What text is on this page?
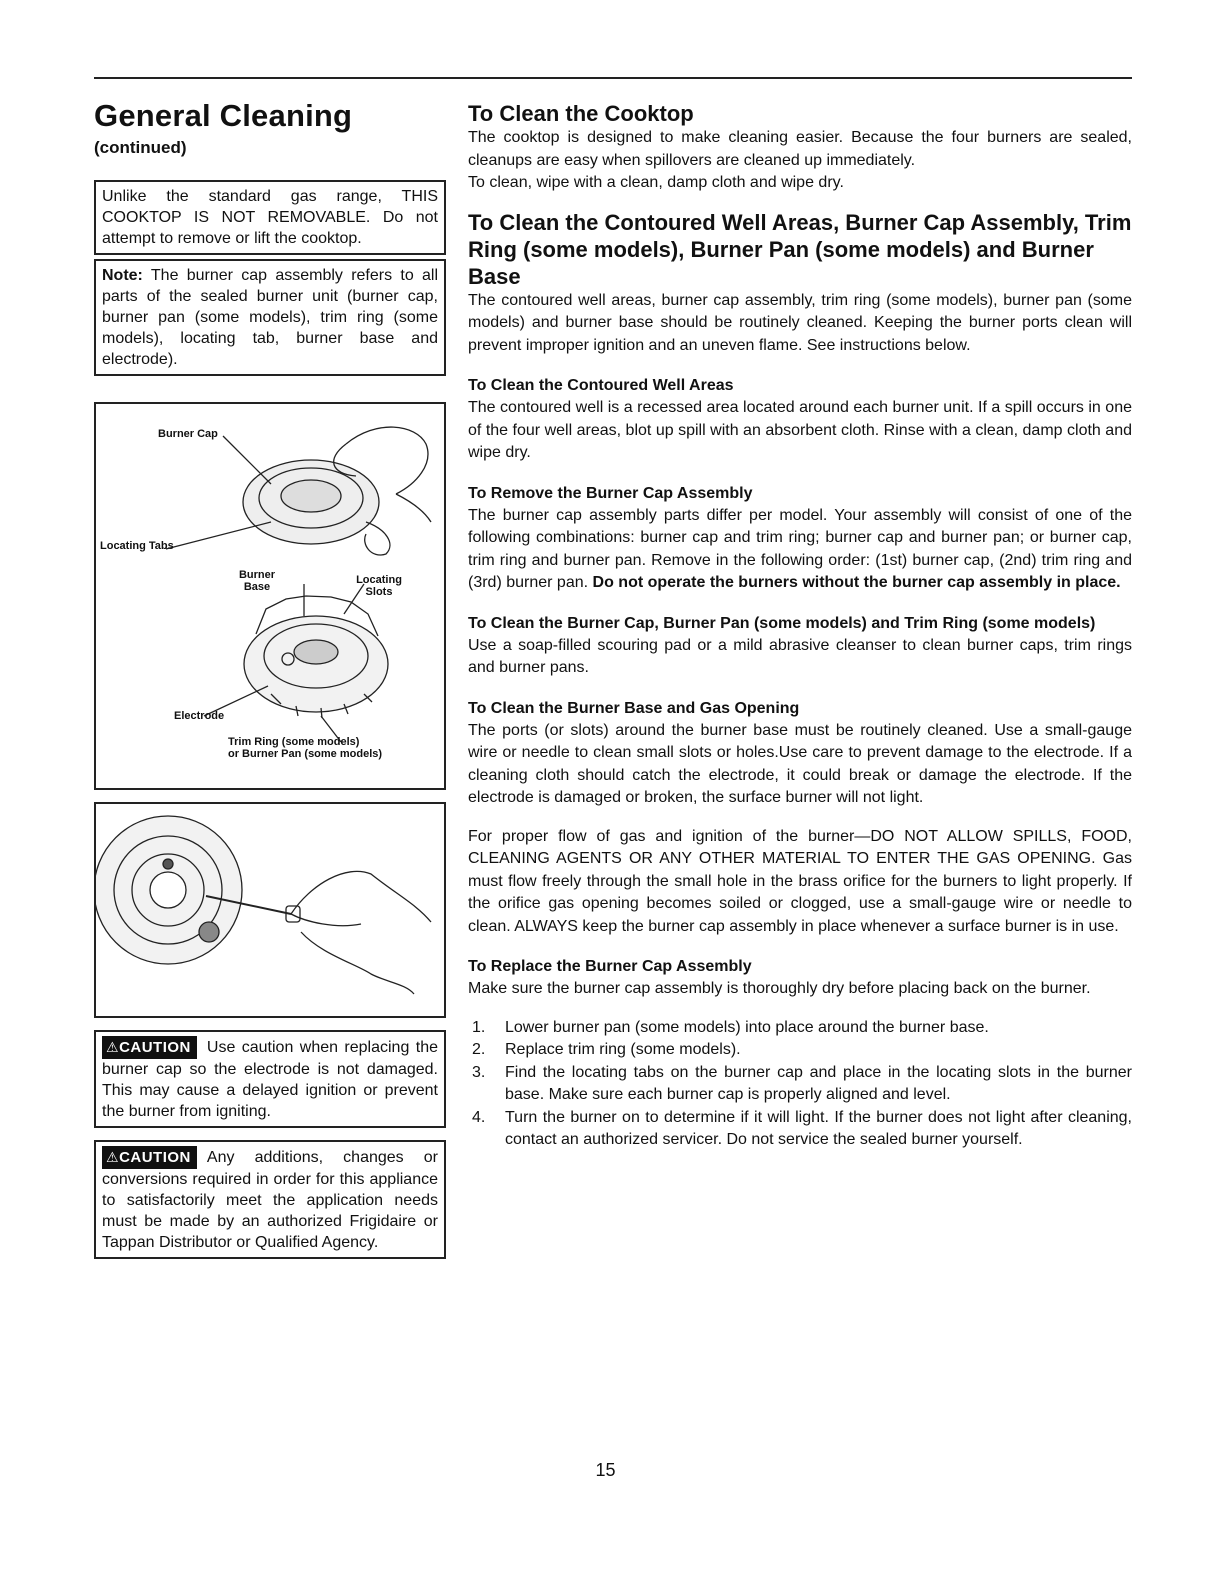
General Cleaning
(continued)
Unlike the standard gas range, THIS COOKTOP IS NOT REMOVABLE. Do not attempt to remove or lift the cooktop.
Note: The burner cap assembly refers to all parts of the sealed burner unit (burner cap, burner pan (some models), trim ring (some models), locating tab, burner base and electrode).
Burner Cap
Locating Tabs
Burner Base
Locating Slots
Electrode
Trim Ring (some models)
or Burner Pan (some models)
⚠CAUTION Use caution when replacing the burner cap so the electrode is not damaged. This may cause a delayed ignition or prevent the burner from igniting.
⚠CAUTION Any additions, changes or conversions required in order for this appliance to satisfactorily meet the application needs must be made by an authorized Frigidaire or Tappan Distributor or Qualified Agency.
To Clean the Cooktop

The cooktop is designed to make cleaning easier. Because the four burners are sealed, cleanups are easy when spillovers are cleaned up immediately.

To clean, wipe with a clean, damp cloth and wipe dry.

To Clean the Contoured Well Areas, Burner Cap Assembly, Trim Ring (some models), Burner Pan (some models) and Burner Base

The contoured well areas, burner cap assembly, trim ring (some models), burner pan (some models) and burner base should be routinely cleaned. Keeping the burner ports clean will prevent improper ignition and an uneven flame. See instructions below.

To Clean the Contoured Well Areas

The contoured well is a recessed area located around each burner unit. If a spill occurs in one of the four well areas, blot up spill with an absorbent cloth. Rinse with a clean, damp cloth and wipe dry.

To Remove the Burner Cap Assembly

The burner cap assembly parts differ per model. Your assembly will consist of one of the following combinations: burner cap and trim ring; burner cap and burner pan; or burner cap, trim ring and burner pan. Remove in the following order: (1st) burner cap, (2nd) trim ring and (3rd) burner pan. Do not operate the burners without the burner cap assembly in place.

To Clean the Burner Cap, Burner Pan (some models) and Trim Ring (some models)

Use a soap-filled scouring pad or a mild abrasive cleanser to clean burner caps, trim rings and burner pans.

To Clean the Burner Base and Gas Opening

The ports (or slots) around the burner base must be routinely cleaned. Use a small-gauge wire or needle to clean small slots or holes.Use care to prevent damage to the electrode. If a cleaning cloth should catch the electrode, it could break or damage the electrode. If the electrode is damaged or broken, the surface burner will not light.

For proper flow of gas and ignition of the burner—DO NOT ALLOW SPILLS, FOOD, CLEANING AGENTS OR ANY OTHER MATERIAL TO ENTER THE GAS OPENING. Gas must flow freely through the small hole in the brass orifice for the burners to light properly. If the orifice gas opening becomes soiled or clogged, use a small-gauge wire or needle to clean. ALWAYS keep the burner cap assembly in place whenever a surface burner is in use.

To Replace the Burner Cap Assembly

Make sure the burner cap assembly is thoroughly dry before placing back on the burner.

1. Lower burner pan (some models) into place around the burner base.
2. Replace trim ring (some models).
3. Find the locating tabs on the burner cap and place in the locating slots in the burner base. Make sure each burner cap is properly aligned and level.
4. Turn the burner on to determine if it will light. If the burner does not light after cleaning, contact an authorized servicer. Do not service the sealed burner yourself.
15
